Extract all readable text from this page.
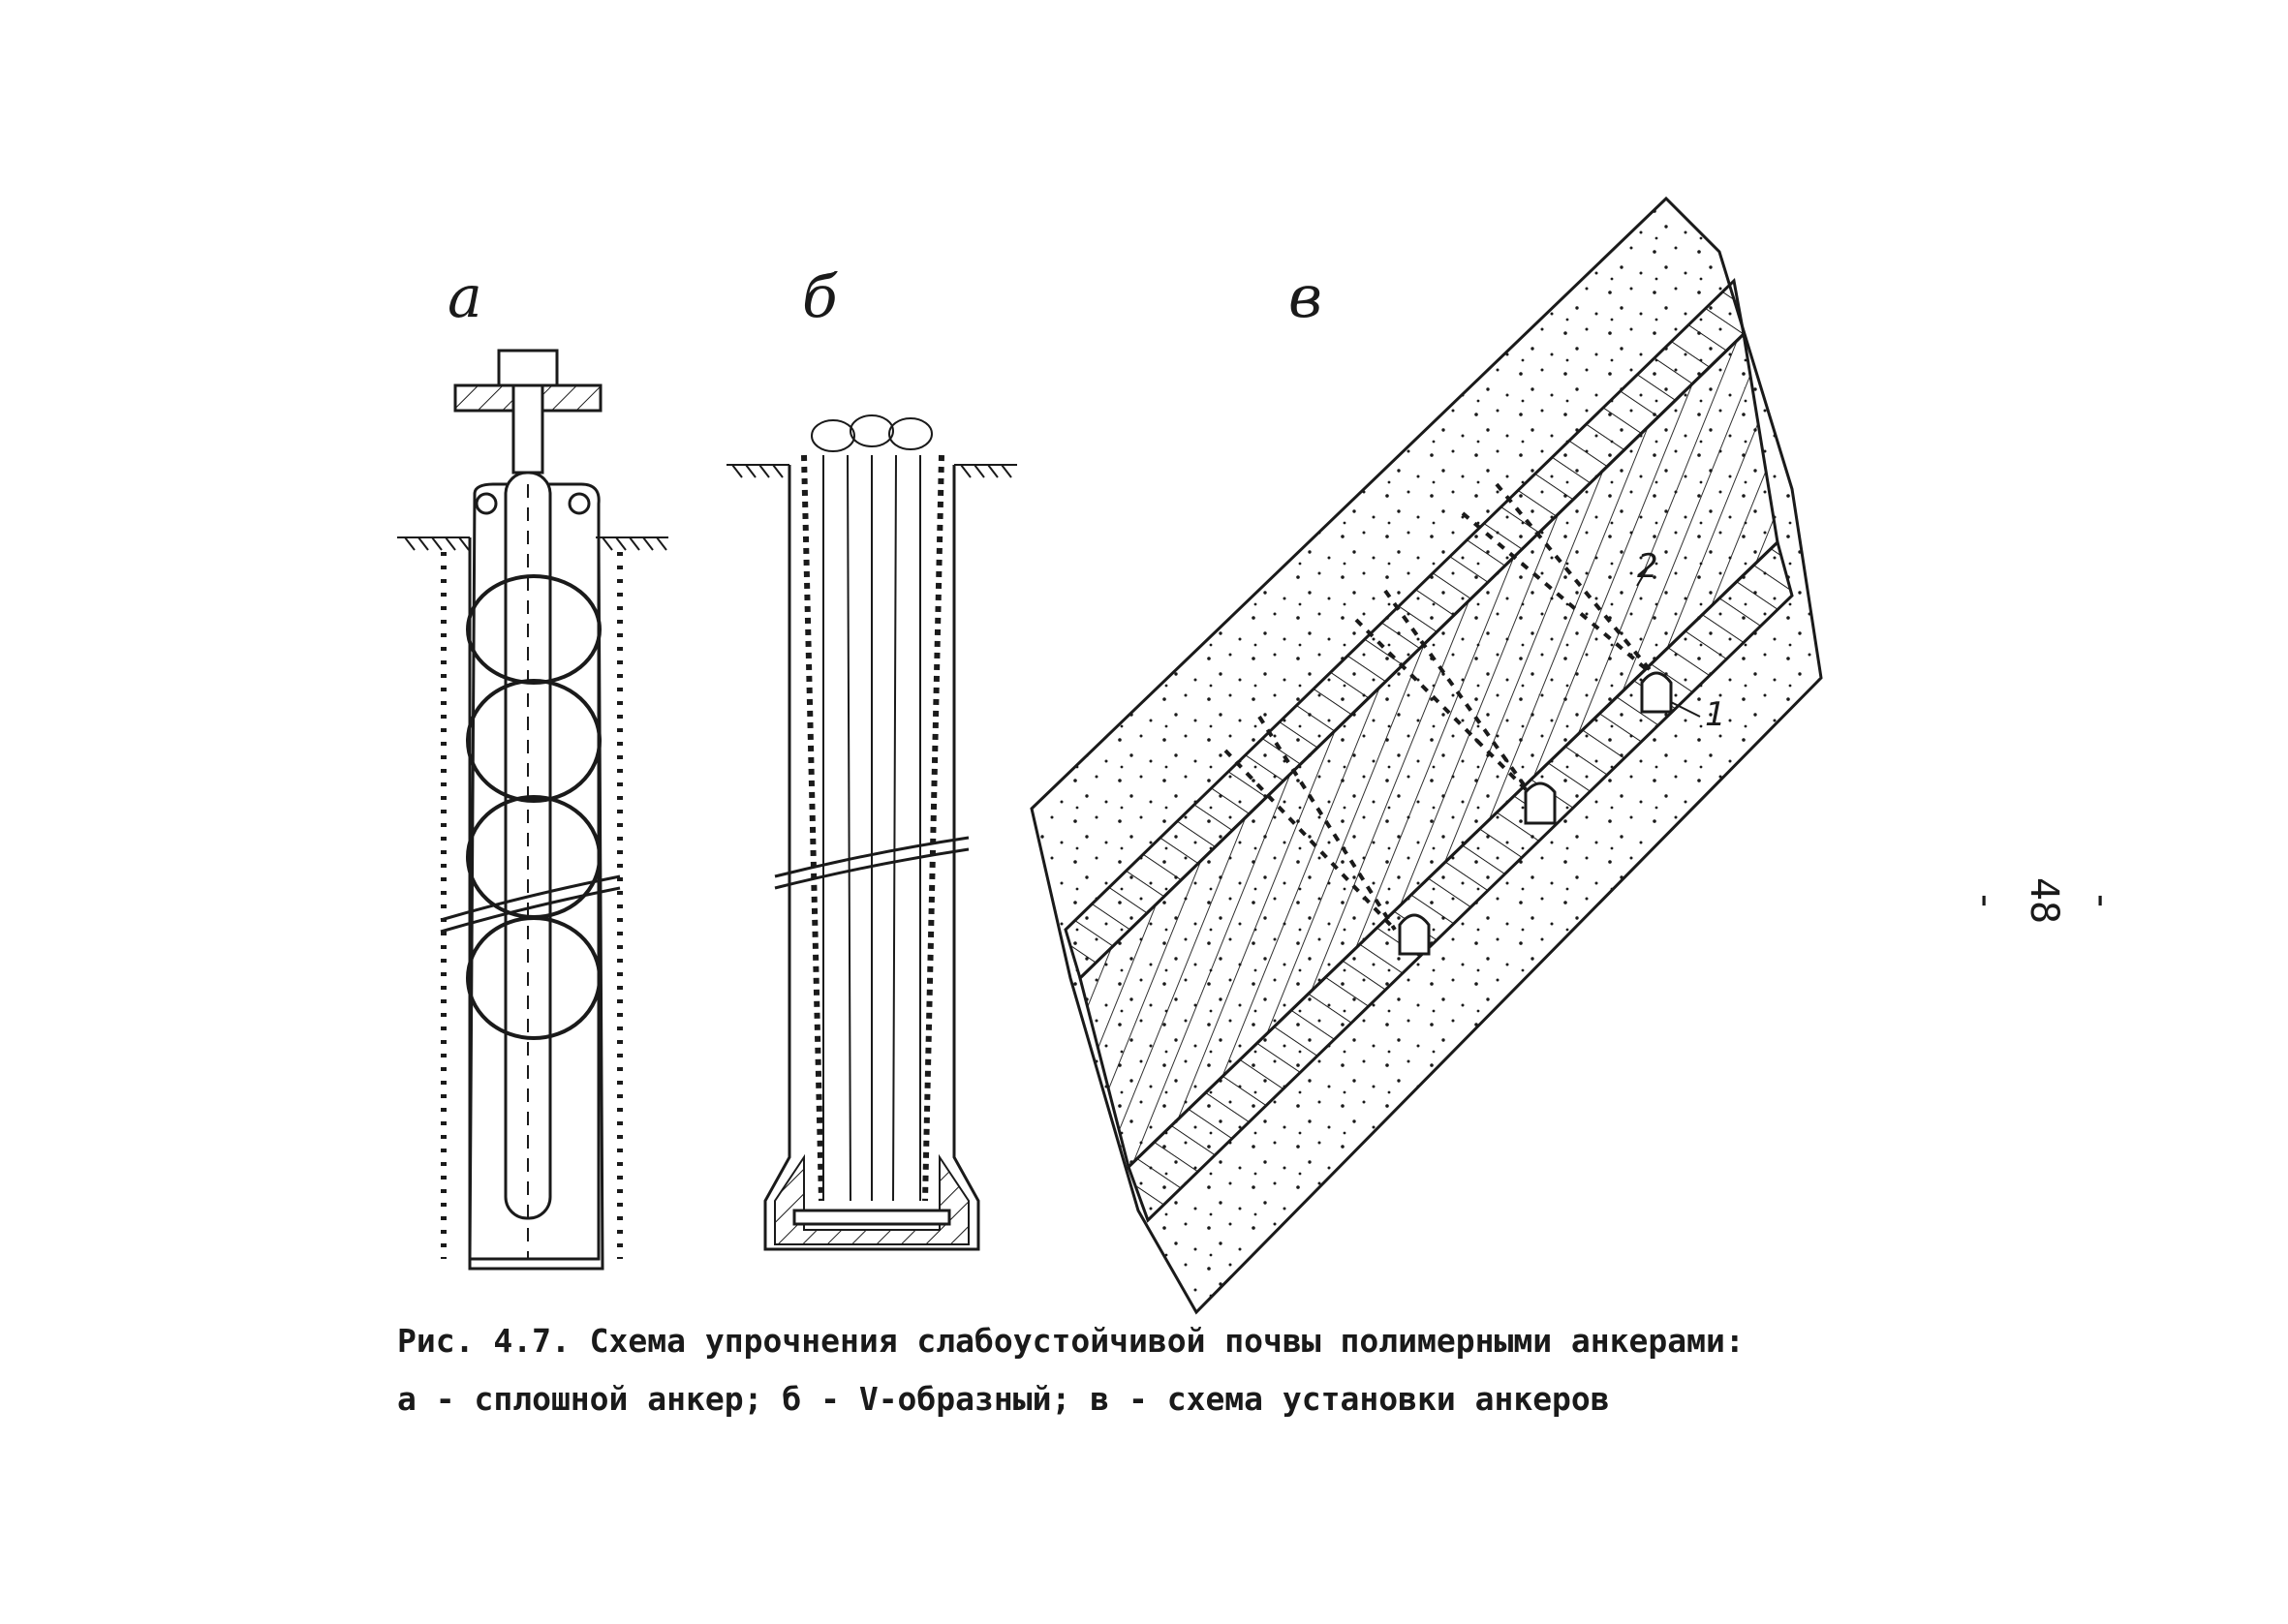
а	б	в
2
1
Рис. 4.7. Схема упрочнения слабоустойчивой почвы полимерными анкерами:
а - сплошной анкер; б - V-образный; в - схема установки анкеров
- 48 -
